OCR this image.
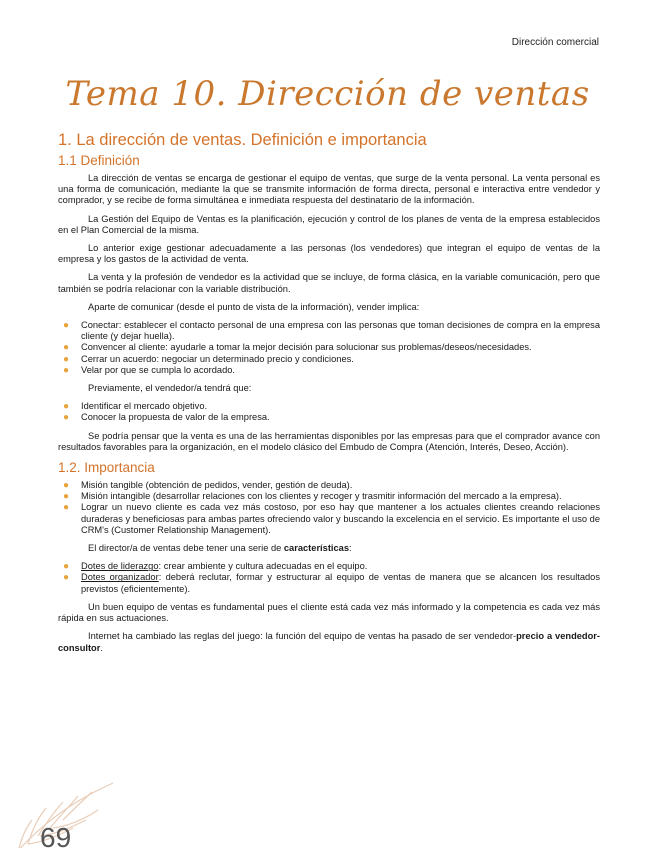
Dirección comercial
Tema 10. Dirección de ventas
1. La dirección de ventas. Definición e importancia
1.1 Definición

La dirección de ventas se encarga de gestionar el equipo de ventas, que surge de la venta personal. La venta personal es una forma de comunicación, mediante la que se transmite información de forma directa, personal e interactiva entre vendedor y comprador, y se recibe de forma simultánea e inmediata respuesta del destinatario de la información.

La Gestión del Equipo de Ventas es la planificación, ejecución y control de los planes de venta de la empresa establecidos en el Plan Comercial de la misma.

Lo anterior exige gestionar adecuadamente a las personas (los vendedores) que integran el equipo de ventas de la empresa y los gastos de la actividad de venta.

La venta y la profesión de vendedor es la actividad que se incluye, de forma clásica, en la variable comunicación, pero que también se podría relacionar con la variable distribución.

Aparte de comunicar (desde el punto de vista de la información), vender implica:

● Conectar: establecer el contacto personal de una empresa con las personas que toman decisiones de compra en la empresa cliente (y dejar huella).
● Convencer al cliente: ayudarle a tomar la mejor decisión para solucionar sus problemas/deseos/necesidades.
● Cerrar un acuerdo: negociar un determinado precio y condiciones.
● Velar por que se cumpla lo acordado.

Previamente, el vendedor/a tendrá que:

● Identificar el mercado objetivo.
● Conocer la propuesta de valor de la empresa.

Se podría pensar que la venta es una de las herramientas disponibles por las empresas para que el comprador avance con resultados favorables para la organización, en el modelo clásico del Embudo de Compra (Atención, Interés, Deseo, Acción).

1.2. Importancia
● Misión tangible (obtención de pedidos, vender, gestión de deuda).
● Misión intangible (desarrollar relaciones con los clientes y recoger y trasmitir información del mercado a la empresa).
● Lograr un nuevo cliente es cada vez más costoso, por eso hay que mantener a los actuales clientes creando relaciones duraderas y beneficiosas para ambas partes ofreciendo valor y buscando la excelencia en el servicio. Es importante el uso de CRM's (Customer Relationship Management).

El director/a de ventas debe tener una serie de características:

● Dotes de liderazgo: crear ambiente y cultura adecuadas en el equipo.
● Dotes organizador: deberá reclutar, formar y estructurar al equipo de ventas de manera que se alcancen los resultados previstos (eficientemente).

Un buen equipo de ventas es fundamental pues el cliente está cada vez más informado y la competencia es cada vez más rápida en sus actuaciones.

Internet ha cambiado las reglas del juego: la función del equipo de ventas ha pasado de ser vendedor-precio a vendedor-consultor.

69
